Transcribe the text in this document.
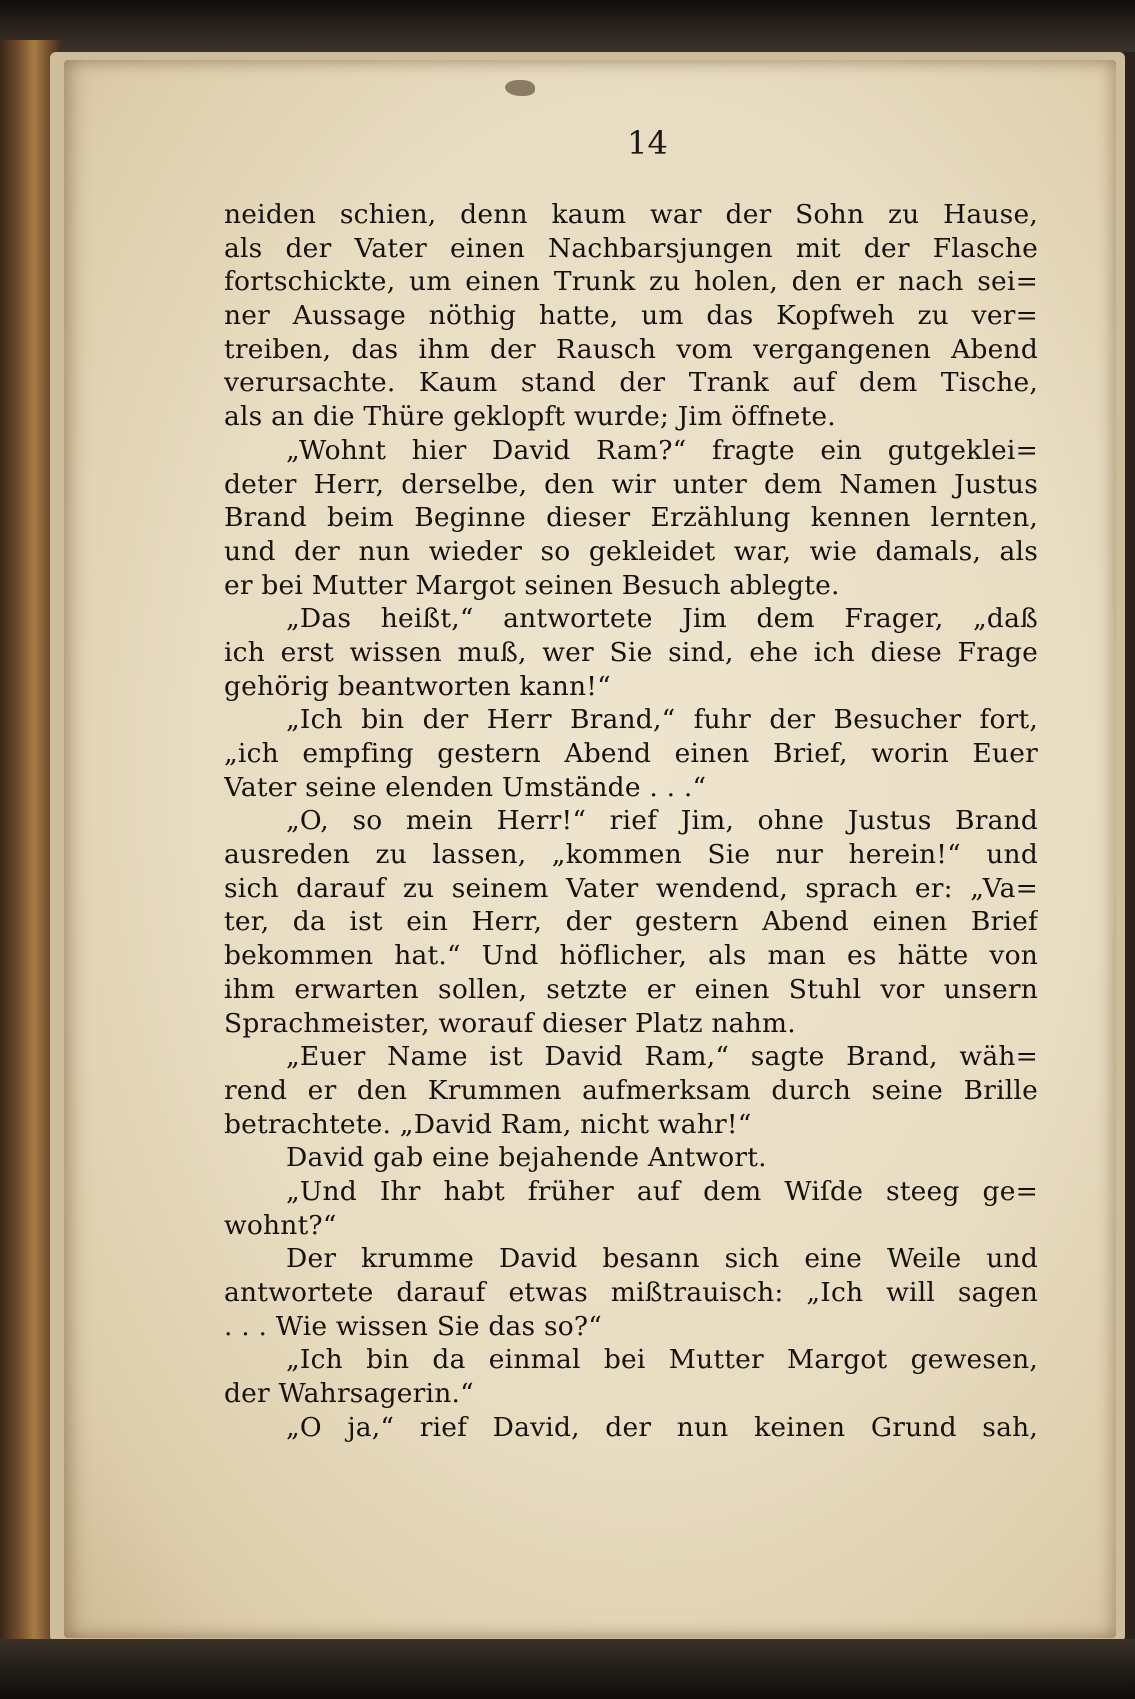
14
neiden schien, denn kaum war der Sohn zu Hause,
als der Vater einen Nachbarsjungen mit der Flasche
fortschickte, um einen Trunk zu holen, den er nach sei=
ner Aussage nöthig hatte, um das Kopfweh zu ver=
treiben, das ihm der Rausch vom vergangenen Abend
verursachte. Kaum stand der Trank auf dem Tische,
als an die Thüre geklopft wurde; Jim öffnete.
„Wohnt hier David Ram?“ fragte ein gutgeklei=
deter Herr, derselbe, den wir unter dem Namen Justus
Brand beim Beginne dieser Erzählung kennen lernten,
und der nun wieder so gekleidet war, wie damals, als
er bei Mutter Margot seinen Besuch ablegte.
„Das heißt,“ antwortete Jim dem Frager, „daß
ich erst wissen muß, wer Sie sind, ehe ich diese Frage
gehörig beantworten kann!“
„Ich bin der Herr Brand,“ fuhr der Besucher fort,
„ich empfing gestern Abend einen Brief, worin Euer
Vater seine elenden Umstände . . .“
„O, so mein Herr!“ rief Jim, ohne Justus Brand
ausreden zu lassen, „kommen Sie nur herein!“ und
sich darauf zu seinem Vater wendend, sprach er: „Va=
ter, da ist ein Herr, der gestern Abend einen Brief
bekommen hat.“ Und höflicher, als man es hätte von
ihm erwarten sollen, setzte er einen Stuhl vor unsern
Sprachmeister, worauf dieser Platz nahm.
„Euer Name ist David Ram,“ sagte Brand, wäh=
rend er den Krummen aufmerksam durch seine Brille
betrachtete. „David Ram, nicht wahr!“
David gab eine bejahende Antwort.
„Und Ihr habt früher auf dem Wiſde steeg ge=
wohnt?“
Der krumme David besann sich eine Weile und
antwortete darauf etwas mißtrauisch: „Ich will sagen
. . . Wie wissen Sie das so?“
„Ich bin da einmal bei Mutter Margot gewesen,
der Wahrsagerin.“
„O ja,“ rief David, der nun keinen Grund sah,
